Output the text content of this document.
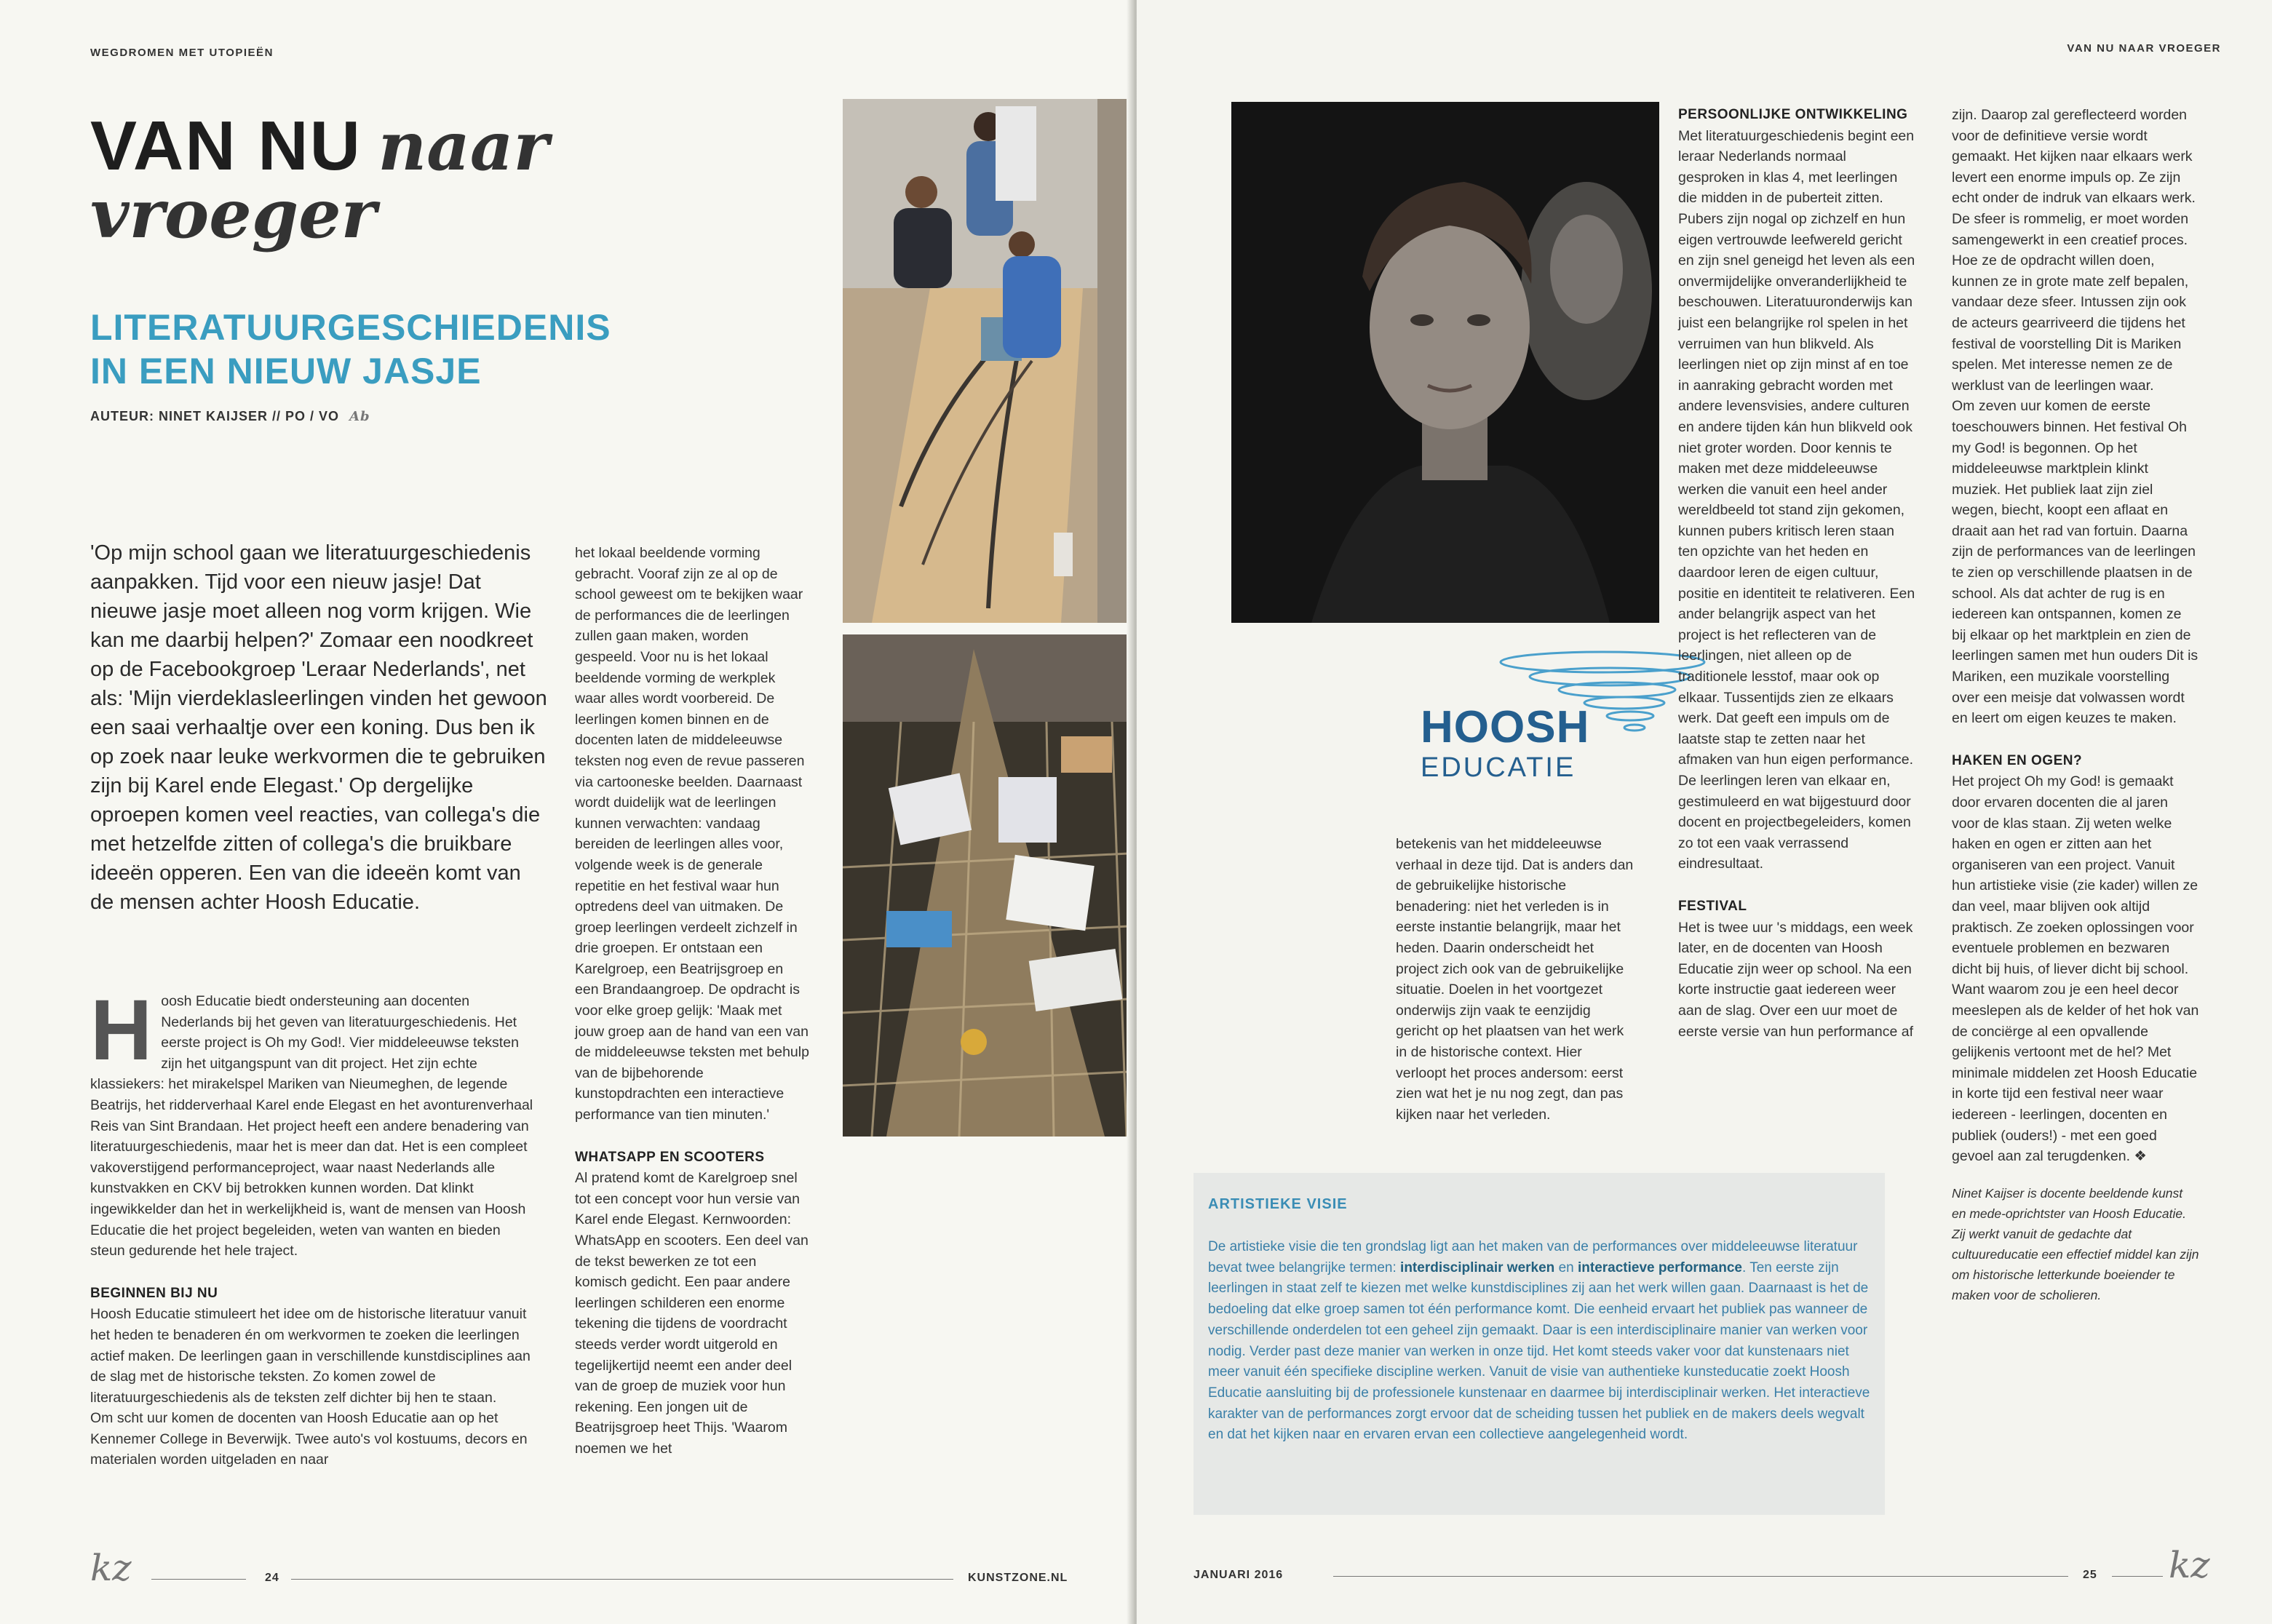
WEGDROMEN MET UTOPIEËN
VAN NU naar
vroeger
LITERATUURGESCHIEDENIS
IN EEN NIEUW JASJE
AUTEUR: NINET KAIJSER // PO / VO Ab
'Op mijn school gaan we literatuurgeschiedenis aanpakken. Tijd voor een nieuw jasje! Dat nieuwe jasje moet alleen nog vorm krijgen. Wie kan me daarbij helpen?' Zomaar een noodkreet op de Facebookgroep 'Leraar Nederlands', net als: 'Mijn vierdeklasleerlingen vinden het gewoon een saai verhaaltje over een koning. Dus ben ik op zoek naar leuke werkvormen die te gebruiken zijn bij Karel ende Elegast.' Op dergelijke oproepen komen veel reacties, van collega's die met hetzelfde zitten of collega's die bruikbare ideeën opperen. Een van die ideeën komt van de mensen achter Hoosh Educatie.
H oosh Educatie biedt ondersteuning aan docenten Nederlands bij het geven van literatuurgeschiedenis. Het eerste project is Oh my God!. Vier middeleeuwse teksten zijn het uitgangspunt van dit project. Het zijn echte klassiekers: het mirakelspel Mariken van Nieumeghen, de legende Beatrijs, het ridderverhaal Karel ende Elegast en het avonturenverhaal Reis van Sint Brandaan. Het project heeft een andere benadering van literatuurgeschiedenis, maar het is meer dan dat. Het is een compleet vakoverstijgend performanceproject, waar naast Nederlands alle kunstvakken en CKV bij betrokken kunnen worden. Dat klinkt ingewikkelder dan het in werkelijkheid is, want de mensen van Hoosh Educatie die het project begeleiden, weten van wanten en bieden steun gedurende het hele traject.

BEGINNEN BIJ NU

Hoosh Educatie stimuleert het idee om de historische literatuur vanuit het heden te benaderen én om werkvormen te zoeken die leerlingen actief maken. De leerlingen gaan in verschillende kunstdisciplines aan de slag met de historische teksten. Zo komen zowel de literatuurgeschiedenis als de teksten zelf dichter bij hen te staan.

Om scht uur komen de docenten van Hoosh Educatie aan op het Kennemer College in Beverwijk. Twee auto's vol kostuums, decors en materialen worden uitgeladen en naar

het lokaal beeldende vorming gebracht. Vooraf zijn ze al op de school geweest om te bekijken waar de performances die de leerlingen zullen gaan maken, worden gespeeld. Voor nu is het lokaal beeldende vorming de werkplek waar alles wordt voorbereid. De leerlingen komen binnen en de docenten laten de middeleeuwse teksten nog even de revue passeren via cartooneske beelden. Daarnaast wordt duidelijk wat de leerlingen kunnen verwachten: vandaag bereiden de leerlingen alles voor, volgende week is de generale repetitie en het festival waar hun optredens deel van uitmaken. De groep leerlingen verdeelt zichzelf in drie groepen. Er ontstaan een Karelgroep, een Beatrijsgroep en een Brandaangroep. De opdracht is voor elke groep gelijk: 'Maak met jouw groep aan de hand van een van de middeleeuwse teksten met behulp van de bijbehorende kunstopdrachten een interactieve performance van tien minuten.'

WHATSAPP EN SCOOTERS

Al pratend komt de Karelgroep snel tot een concept voor hun versie van Karel ende Elegast. Kernwoorden: WhatsApp en scooters. Een deel van de tekst bewerken ze tot een komisch gedicht. Een paar andere leerlingen schilderen een enorme tekening die tijdens de voordracht steeds verder wordt uitgerold en tegelijkertijd neemt een ander deel van de groep de muziek voor hun rekening. Een jongen uit de Beatrijsgroep heet Thijs. 'Waarom noemen we het

kz	24	KUNSTZONE.NL
VAN NU NAAR VROEGER
HOOSH
EDUCATIE

betekenis van het middeleeuwse verhaal in deze tijd. Dat is anders dan de gebruikelijke historische benadering: niet het verleden is in eerste instantie belangrijk, maar het heden. Daarin onderscheidt het project zich ook van de gebruikelijke situatie. Doelen in het voortgezet onderwijs zijn vaak te eenzijdig gericht op het plaatsen van het werk in de historische context. Hier verloopt het proces andersom: eerst zien wat het je nu nog zegt, dan pas kijken naar het verleden.

PERSOONLIJKE ONTWIKKELING

Met literatuurgeschiedenis begint een leraar Nederlands normaal gesproken in klas 4, met leerlingen die midden in de puberteit zitten. Pubers zijn nogal op zichzelf en hun eigen vertrouwde leefwereld gericht en zijn snel geneigd het leven als een onvermijdelijke onveranderlijkheid te beschouwen. Literatuuronderwijs kan juist een belangrijke rol spelen in het verruimen van hun blikveld. Als leerlingen niet op zijn minst af en toe in aanraking gebracht worden met andere levensvisies, andere culturen en andere tijden kán hun blikveld ook niet groter worden. Door kennis te maken met deze middeleeuwse werken die vanuit een heel ander wereldbeeld tot stand zijn gekomen, kunnen pubers kritisch leren staan ten opzichte van het heden en daardoor leren de eigen cultuur, positie en identiteit te relativeren. Een ander belangrijk aspect van het project is het reflecteren van de leerlingen, niet alleen op de traditionele lesstof, maar ook op elkaar. Tussentijds zien ze elkaars werk. Dat geeft een impuls om de laatste stap te zetten naar het afmaken van hun eigen performance. De leerlingen leren van elkaar en, gestimuleerd en wat bijgestuurd door docent en projectbegeleiders, komen zo tot een vaak verrassend eindresultaat.

FESTIVAL

Het is twee uur 's middags, een week later, en de docenten van Hoosh Educatie zijn weer op school. Na een korte instructie gaat iedereen weer aan de slag. Over een uur moet de eerste versie van hun performance af

zijn. Daarop zal gereflecteerd worden voor de definitieve versie wordt gemaakt. Het kijken naar elkaars werk levert een enorme impuls op. Ze zijn echt onder de indruk van elkaars werk. De sfeer is rommelig, er moet worden samengewerkt in een creatief proces. Hoe ze de opdracht willen doen, kunnen ze in grote mate zelf bepalen, vandaar deze sfeer. Intussen zijn ook de acteurs gearriveerd die tijdens het festival de voorstelling Dit is Mariken spelen. Met interesse nemen ze de werklust van de leerlingen waar.

Om zeven uur komen de eerste toeschouwers binnen. Het festival Oh my God! is begonnen. Op het middeleeuwse marktplein klinkt muziek. Het publiek laat zijn ziel wegen, biecht, koopt een aflaat en draait aan het rad van fortuin. Daarna zijn de performances van de leerlingen te zien op verschillende plaatsen in de school. Als dat achter de rug is en iedereen kan ontspannen, komen ze bij elkaar op het marktplein en zien de leerlingen samen met hun ouders Dit is Mariken, een muzikale voorstelling over een meisje dat volwassen wordt en leert om eigen keuzes te maken.

HAKEN EN OGEN?

Het project Oh my God! is gemaakt door ervaren docenten die al jaren voor de klas staan. Zij weten welke haken en ogen er zitten aan het organiseren van een project. Vanuit hun artistieke visie (zie kader) willen ze dan veel, maar blijven ook altijd praktisch. Ze zoeken oplossingen voor eventuele problemen en bezwaren dicht bij huis, of liever dicht bij school. Want waarom zou je een heel decor meeslepen als de kelder of het hok van de conciërge al een opvallende gelijkenis vertoont met de hel? Met minimale middelen zet Hoosh Educatie in korte tijd een festival neer waar iedereen - leerlingen, docenten en publiek (ouders!) - met een goed gevoel aan zal terugdenken. ❖

Ninet Kaijser is docente beeldende kunst en mede-oprichtster van Hoosh Educatie. Zij werkt vanuit de gedachte dat cultuureducatie een effectief middel kan zijn om historische letterkunde boeiender te maken voor de scholieren.

ARTISTIEKE VISIE
De artistieke visie die ten grondslag ligt aan het maken van de performances over middeleeuwse literatuur bevat twee belangrijke termen: interdisciplinair werken en interactieve performance. Ten eerste zijn leerlingen in staat zelf te kiezen met welke kunstdisciplines zij aan het werk willen gaan. Daarnaast is het de bedoeling dat elke groep samen tot één performance komt. Die eenheid ervaart het publiek pas wanneer de verschillende onderdelen tot een geheel zijn gemaakt. Daar is een interdisciplinaire manier van werken voor nodig. Verder past deze manier van werken in onze tijd. Het komt steeds vaker voor dat kunstenaars niet meer vanuit één specifieke discipline werken. Vanuit de visie van authentieke kunsteducatie zoekt Hoosh Educatie aansluiting bij de professionele kunstenaar en daarmee bij interdisciplinair werken. Het interactieve karakter van de performances zorgt ervoor dat de scheiding tussen het publiek en de makers deels wegvalt en dat het kijken naar en ervaren ervan een collectieve aangelegenheid wordt.
JANUARI 2016	25 kz
